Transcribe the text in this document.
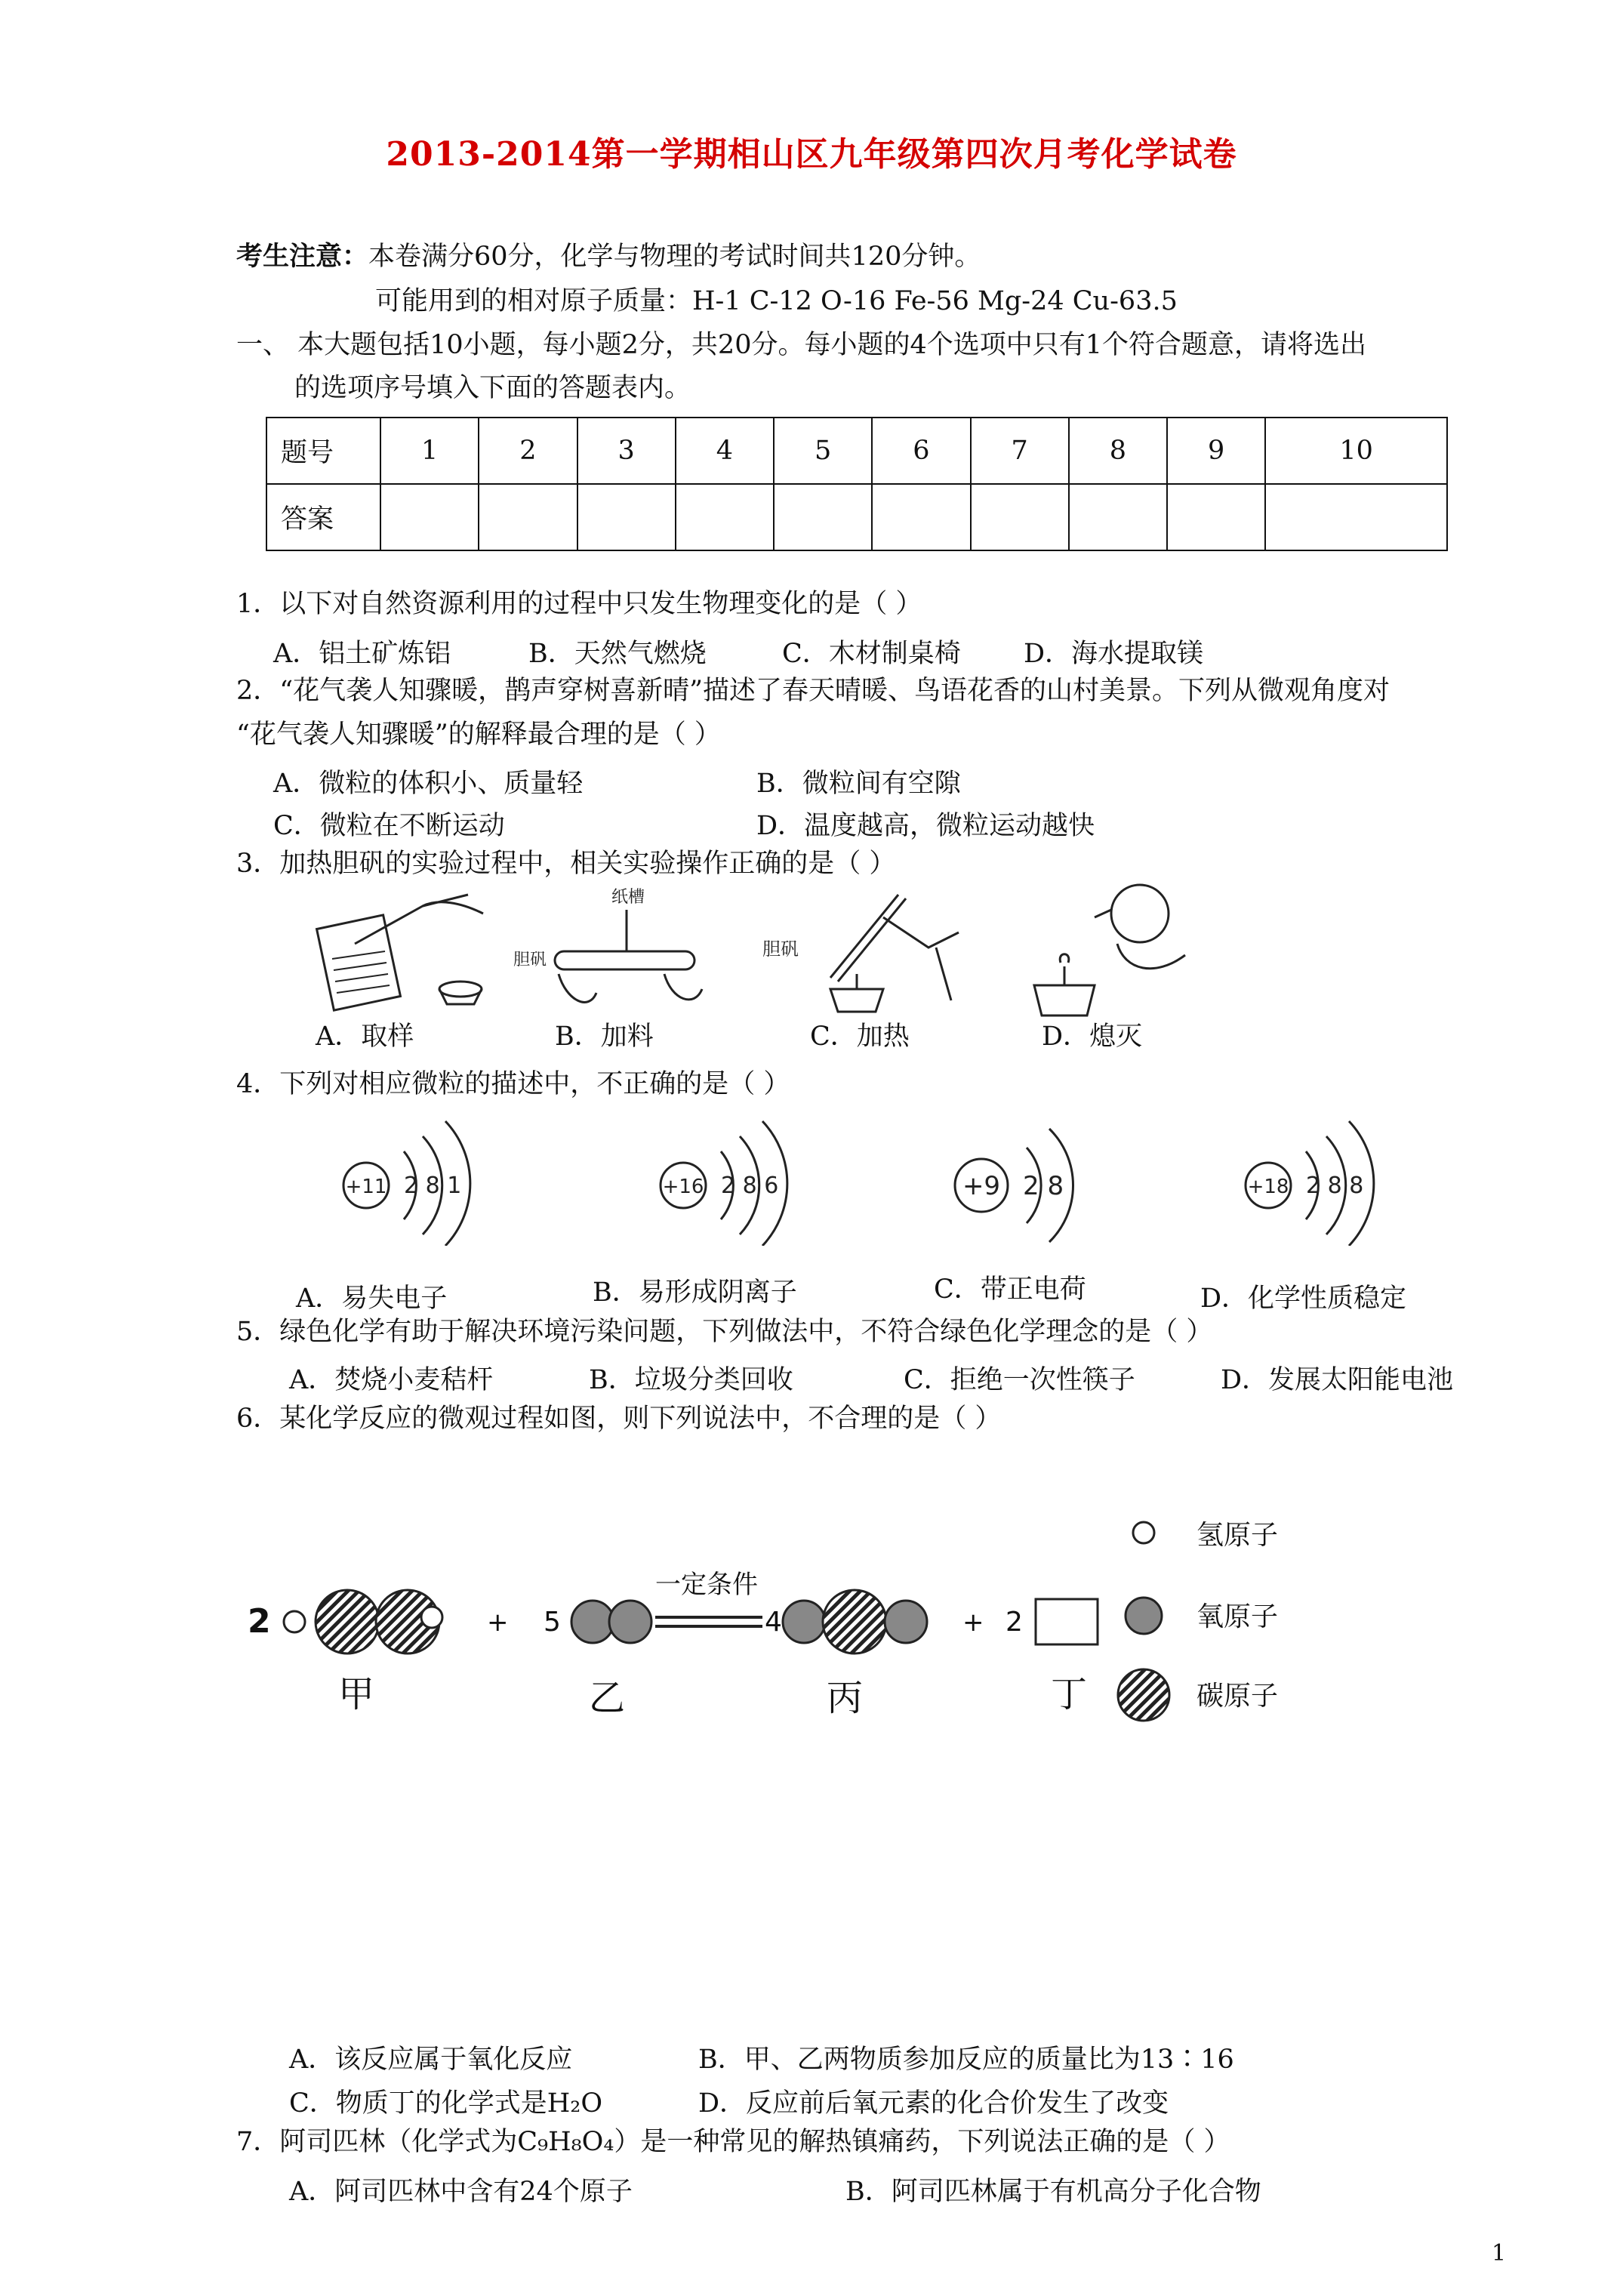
2013-2014第一学期相山区九年级第四次月考化学试卷
考生注意：本卷满分60分，化学与物理的考试时间共120分钟。
可能用到的相对原子质量：H-1 C-12 O-16 Fe-56 Mg-24 Cu-63.5
一、 本大题包括10小题，每小题2分，共20分。每小题的4个选项中只有1个符合题意，请将选出
的选项序号填入下面的答题表内。
题号	1	2	3	4	5	6	7	8	9	10
答案										
1．以下对自然资源利用的过程中只发生物理变化的是（ ）
A．铝土矿炼铝	B．天然气燃烧	C．木材制桌椅 D．海水提取镁
2．“花气袭人知骤暖，鹊声穿树喜新晴”描述了春天晴暖、鸟语花香的山村美景。下列从微观角度对
“花气袭人知骤暖”的解释最合理的是（ ）
A．微粒的体积小、质量轻	B．微粒间有空隙
C．微粒在不断运动	D．温度越高，微粒运动越快
3．加热胆矾的实验过程中，相关实验操作正确的是（ ）
A．取样
胆矾
纸槽
B．加料
胆矾
C．加热	D．熄灭
4．下列对相应微粒的描述中，不正确的是（ ）
+11 2 8 1	+16 2 8 6	+9 2 8	+18 2 8 8
A．易失电子	B．易形成阴离子	C．带正电荷	D．化学性质稳定
5．绿色化学有助于解决环境污染问题，下列做法中，不符合绿色化学理念的是（ ）
A．焚烧小麦秸杆	B．垃圾分类回收	C．拒绝一次性筷子	D．发展太阳能电池
6．某化学反应的微观过程如图，则下列说法中，不合理的是（ ）
2
甲
+ 5
乙
一定条件
4
丙
+ 2
丁
氢原子
氧原子
碳原子
A．该反应属于氧化反应	B．甲、乙两物质参加反应的质量比为13∶16
C．物质丁的化学式是H₂O	D．反应前后氧元素的化合价发生了改变
7．阿司匹林（化学式为C₉H₈O₄）是一种常见的解热镇痛药，下列说法正确的是（ ）
A．阿司匹林中含有24个原子	B．阿司匹林属于有机高分子化合物
1
